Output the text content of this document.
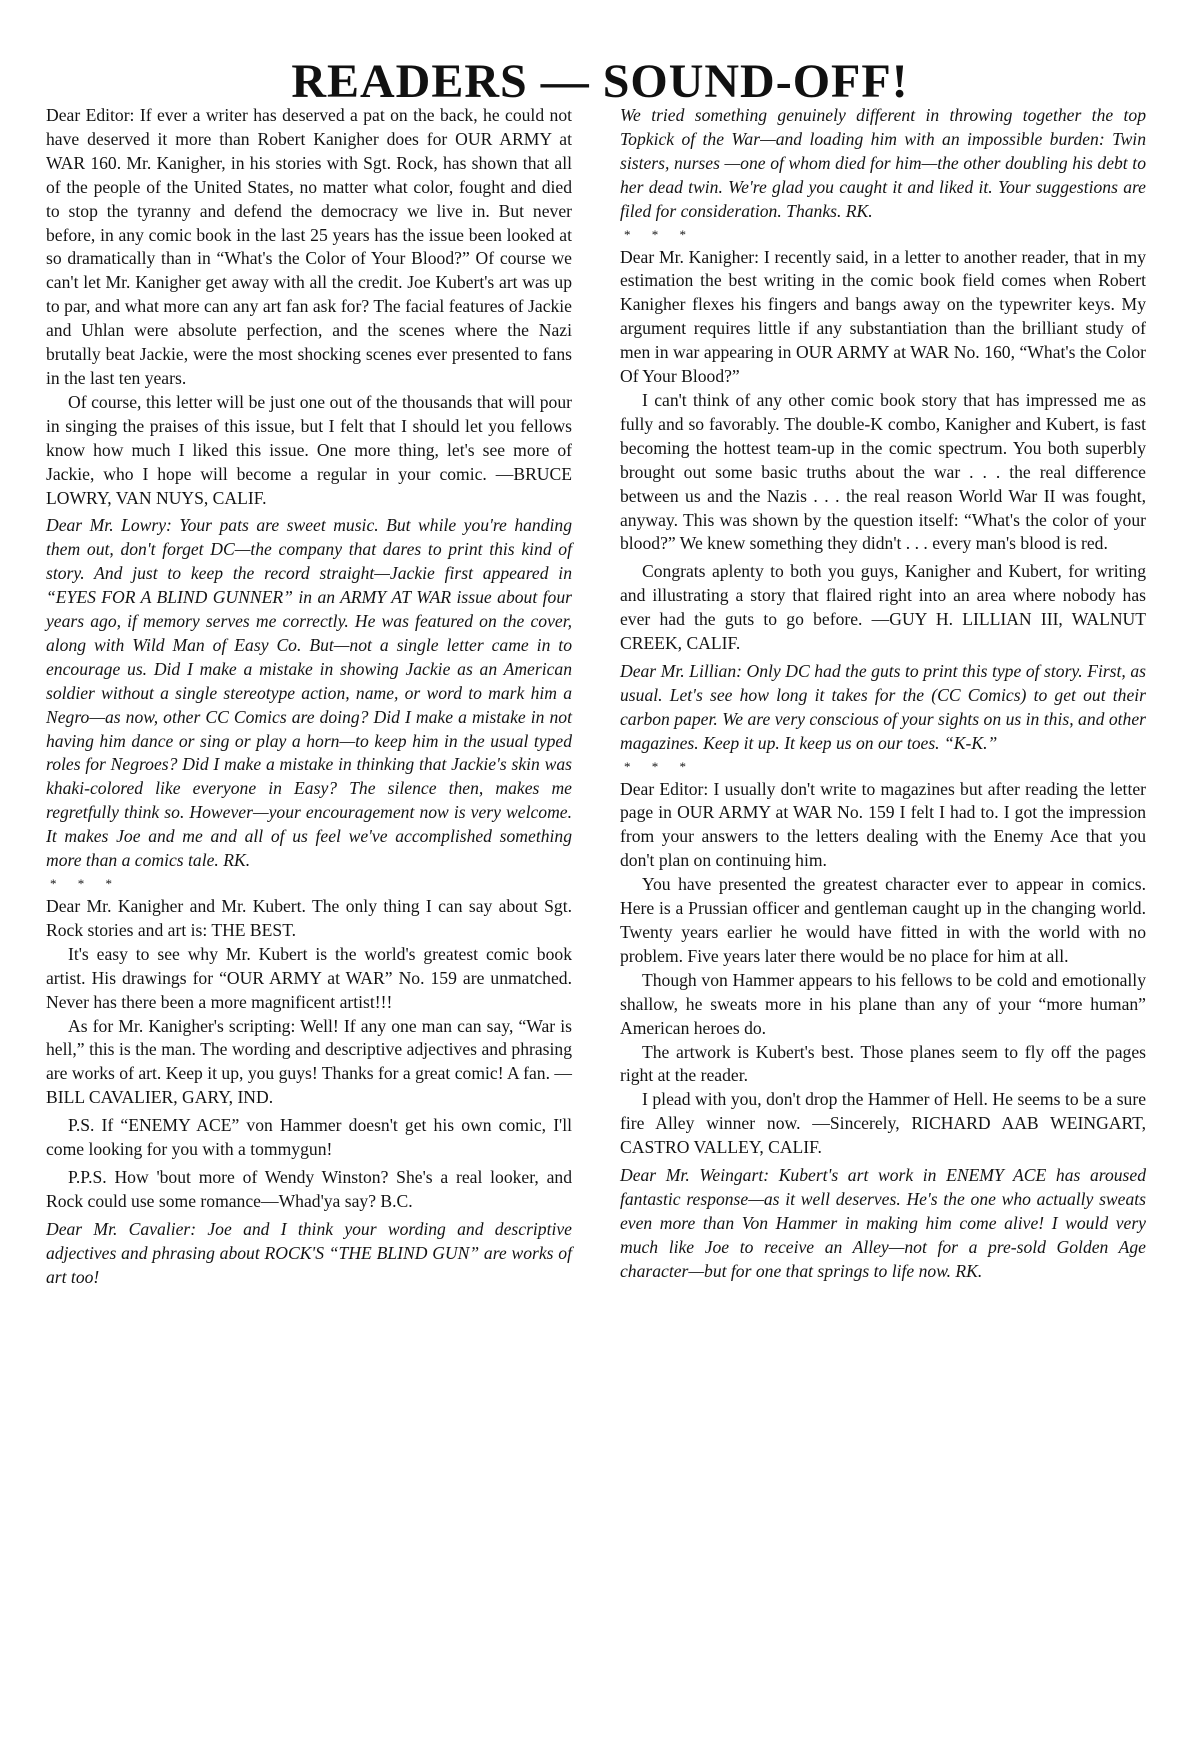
READERS — SOUND-OFF!

Dear Editor: If ever a writer has deserved a pat on the back, he could not have deserved it more than Robert Kanigher does for OUR ARMY at WAR 160. Mr. Kanigher, in his stories with Sgt. Rock, has shown that all of the people of the United States, no matter what color, fought and died to stop the tyranny and defend the democracy we live in. But never before, in any comic book in the last 25 years has the issue been looked at so dramatically than in “What's the Color of Your Blood?” Of course we can't let Mr. Kanigher get away with all the credit. Joe Kubert's art was up to par, and what more can any art fan ask for? The facial features of Jackie and Uhlan were absolute perfection, and the scenes where the Nazi brutally beat Jackie, were the most shocking scenes ever presented to fans in the last ten years.

Of course, this letter will be just one out of the thousands that will pour in singing the praises of this issue, but I felt that I should let you fellows know how much I liked this issue. One more thing, let's see more of Jackie, who I hope will become a regular in your comic. —BRUCE LOWRY, VAN NUYS, CALIF.

Dear Mr. Lowry: Your pats are sweet music. But while you're handing them out, don't forget DC—the company that dares to print this kind of story. And just to keep the record straight—Jackie first appeared in “EYES FOR A BLIND GUNNER” in an ARMY AT WAR issue about four years ago, if memory serves me correctly. He was featured on the cover, along with Wild Man of Easy Co. But—not a single letter came in to encourage us. Did I make a mistake in showing Jackie as an American soldier without a single stereotype action, name, or word to mark him a Negro—as now, other CC Comics are doing? Did I make a mistake in not having him dance or sing or play a horn—to keep him in the usual typed roles for Negroes? Did I make a mistake in thinking that Jackie's skin was khaki-colored like everyone in Easy? The silence then, makes me regretfully think so. However—your encouragement now is very welcome. It makes Joe and me and all of us feel we've accomplished something more than a comics tale. RK.

* * *

Dear Mr. Kanigher and Mr. Kubert. The only thing I can say about Sgt. Rock stories and art is: THE BEST.

It's easy to see why Mr. Kubert is the world's greatest comic book artist. His drawings for “OUR ARMY at WAR” No. 159 are unmatched. Never has there been a more magnificent artist!!!

As for Mr. Kanigher's scripting: Well! If any one man can say, “War is hell,” this is the man. The wording and descriptive adjectives and phrasing are works of art. Keep it up, you guys! Thanks for a great comic! A fan. —BILL CAVALIER, GARY, IND.

P.S. If “ENEMY ACE” von Hammer doesn't get his own comic, I'll come looking for you with a tommygun!

P.P.S. How 'bout more of Wendy Winston? She's a real looker, and Rock could use some romance—Whad'ya say? B.C.

Dear Mr. Cavalier: Joe and I think your wording and descriptive adjectives and phrasing about ROCK'S “THE BLIND GUN” are works of art too!

We tried something genuinely different in throwing together the top Topkick of the War—and loading him with an impossible burden: Twin sisters, nurses —one of whom died for him—the other doubling his debt to her dead twin. We're glad you caught it and liked it. Your suggestions are filed for consideration. Thanks. RK.

* * *

Dear Mr. Kanigher: I recently said, in a letter to another reader, that in my estimation the best writing in the comic book field comes when Robert Kanigher flexes his fingers and bangs away on the typewriter keys. My argument requires little if any substantiation than the brilliant study of men in war appearing in OUR ARMY at WAR No. 160, “What's the Color Of Your Blood?”

I can't think of any other comic book story that has impressed me as fully and so favorably. The double-K combo, Kanigher and Kubert, is fast becoming the hottest team-up in the comic spectrum. You both superbly brought out some basic truths about the war . . . the real difference between us and the Nazis . . . the real reason World War II was fought, anyway. This was shown by the question itself: “What's the color of your blood?” We knew something they didn't . . . every man's blood is red.

Congrats aplenty to both you guys, Kanigher and Kubert, for writing and illustrating a story that flaired right into an area where nobody has ever had the guts to go before. —GUY H. LILLIAN III, WALNUT CREEK, CALIF.

Dear Mr. Lillian: Only DC had the guts to print this type of story. First, as usual. Let's see how long it takes for the (CC Comics) to get out their carbon paper. We are very conscious of your sights on us in this, and other magazines. Keep it up. It keep us on our toes. “K-K.”

* * *

Dear Editor: I usually don't write to magazines but after reading the letter page in OUR ARMY at WAR No. 159 I felt I had to. I got the impression from your answers to the letters dealing with the Enemy Ace that you don't plan on continuing him.

You have presented the greatest character ever to appear in comics. Here is a Prussian officer and gentleman caught up in the changing world. Twenty years earlier he would have fitted in with the world with no problem. Five years later there would be no place for him at all.

Though von Hammer appears to his fellows to be cold and emotionally shallow, he sweats more in his plane than any of your “more human” American heroes do.

The artwork is Kubert's best. Those planes seem to fly off the pages right at the reader.

I plead with you, don't drop the Hammer of Hell. He seems to be a sure fire Alley winner now. —Sincerely, RICHARD AAB WEINGART, CASTRO VALLEY, CALIF.

Dear Mr. Weingart: Kubert's art work in ENEMY ACE has aroused fantastic response—as it well deserves. He's the one who actually sweats even more than Von Hammer in making him come alive! I would very much like Joe to receive an Alley—not for a pre-sold Golden Age character—but for one that springs to life now. RK.
